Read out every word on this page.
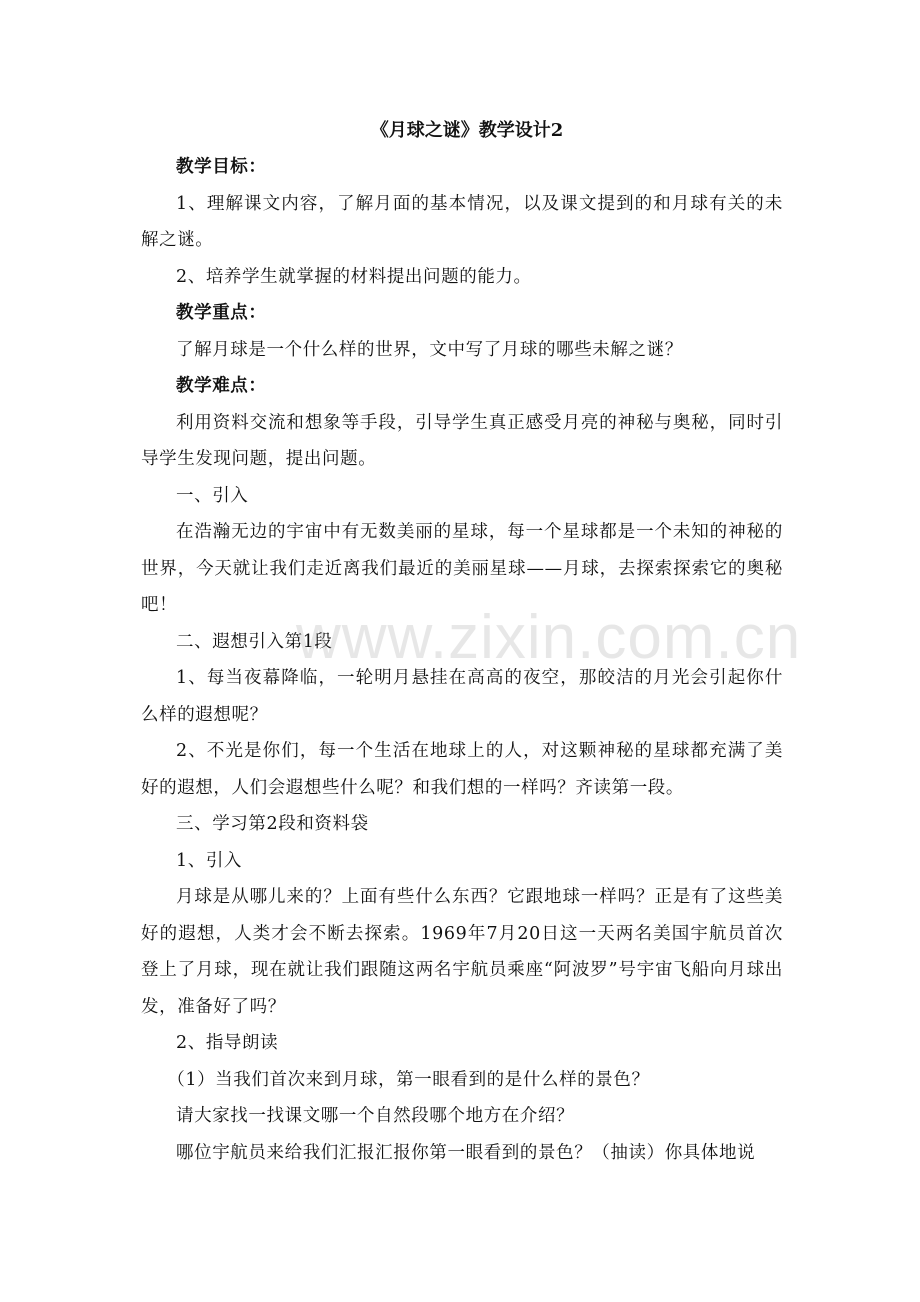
《月球之谜》教学设计2

教学目标：

1、理解课文内容，了解月面的基本情况，以及课文提到的和月球有关的未解之谜。

2、培养学生就掌握的材料提出问题的能力。

教学重点：

了解月球是一个什么样的世界，文中写了月球的哪些未解之谜？

教学难点：

利用资料交流和想象等手段，引导学生真正感受月亮的神秘与奥秘，同时引导学生发现问题，提出问题。

一、引入

在浩瀚无边的宇宙中有无数美丽的星球，每一个星球都是一个未知的神秘的世界，今天就让我们走近离我们最近的美丽星球——月球，去探索探索它的奥秘吧！

二、遐想引入第1段

1、每当夜幕降临，一轮明月悬挂在高高的夜空，那皎洁的月光会引起你什么样的遐想呢？

2、不光是你们，每一个生活在地球上的人，对这颗神秘的星球都充满了美好的遐想，人们会遐想些什么呢？和我们想的一样吗？齐读第一段。

三、学习第2段和资料袋

1、引入

月球是从哪儿来的？上面有些什么东西？它跟地球一样吗？正是有了这些美好的遐想，人类才会不断去探索。1969年7月20日这一天两名美国宇航员首次登上了月球，现在就让我们跟随这两名宇航员乘座“阿波罗”号宇宙飞船向月球出发，准备好了吗？

2、指导朗读

（1）当我们首次来到月球，第一眼看到的是什么样的景色？

请大家找一找课文哪一个自然段哪个地方在介绍？

哪位宇航员来给我们汇报汇报你第一眼看到的景色？（抽读）你具体地说

www.zixin.com.cn
